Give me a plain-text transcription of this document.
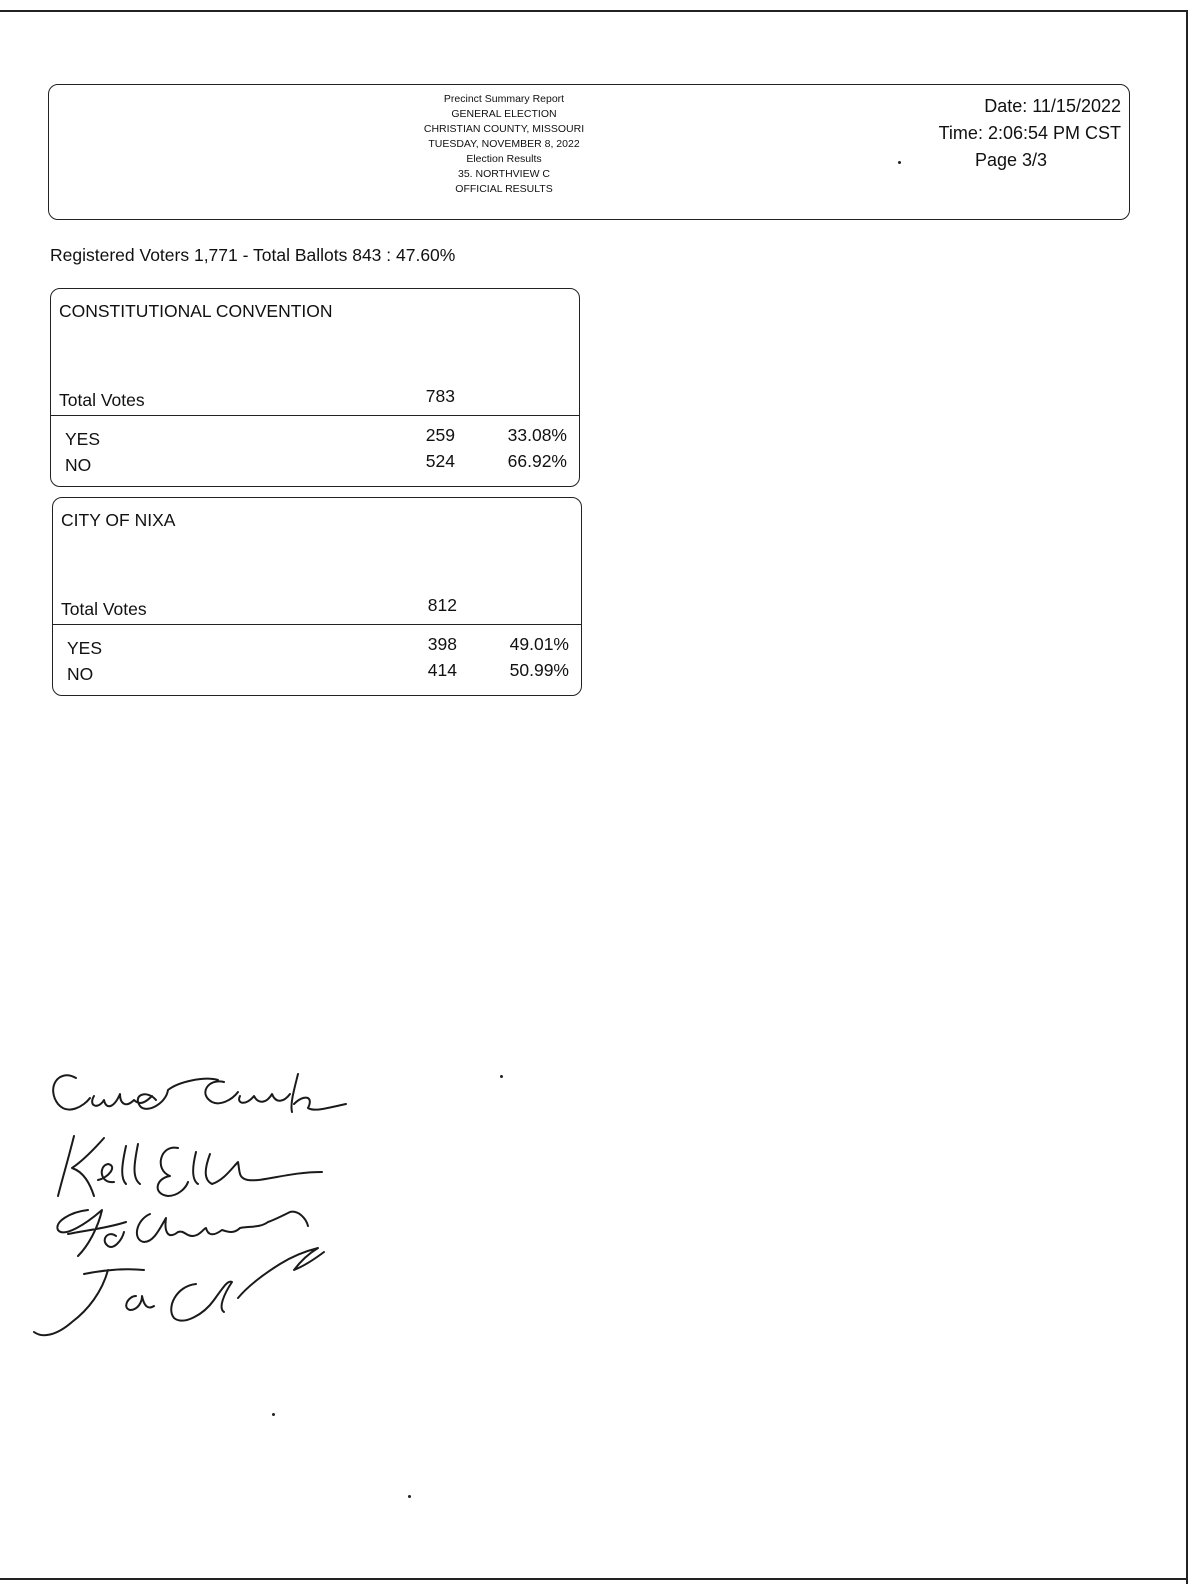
Precinct Summary Report
GENERAL ELECTION
CHRISTIAN COUNTY, MISSOURI
TUESDAY, NOVEMBER 8, 2022
Election Results
35. NORTHVIEW C
OFFICIAL RESULTS
Date: 11/15/2022
Time: 2:06:54 PM CST
Page 3/3
Registered Voters 1,771 - Total Ballots 843 : 47.60%
CONSTITUTIONAL CONVENTION
Total Votes	783
YES	259	33.08%
NO	524	66.92%
CITY OF NIXA
Total Votes	812
YES	398	49.01%
NO	414	50.99%
